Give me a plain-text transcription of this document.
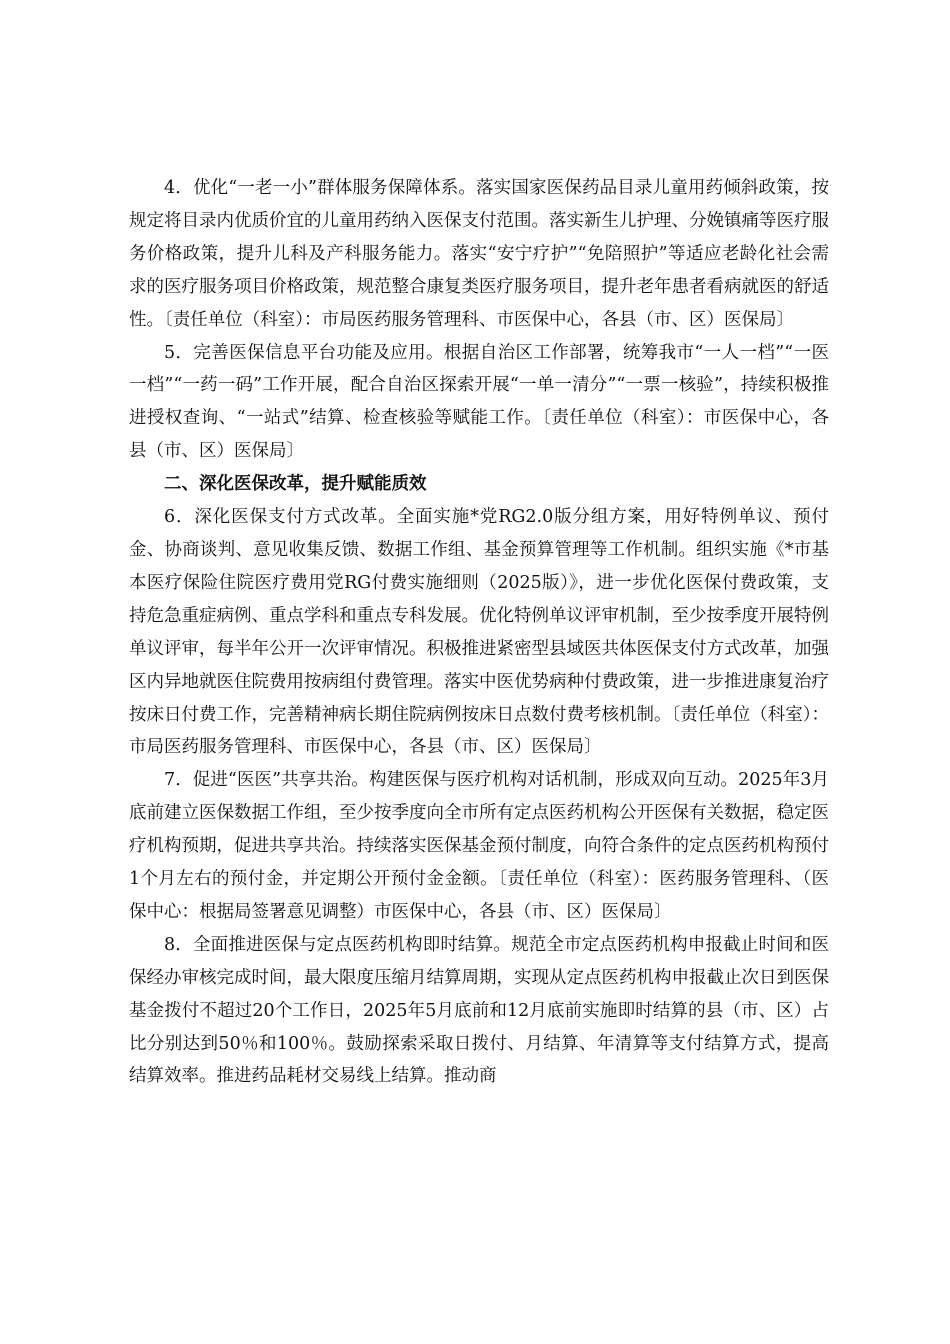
4．优化“一老一小”群体服务保障体系。落实国家医保药品目录儿童用药倾斜政策，按规定将目录内优质价宜的儿童用药纳入医保支付范围。落实新生儿护理、分娩镇痛等医疗服务价格政策，提升儿科及产科服务能力。落实“安宁疗护”“免陪照护”等适应老龄化社会需求的医疗服务项目价格政策，规范整合康复类医疗服务项目，提升老年患者看病就医的舒适性。〔责任单位（科室）：市局医药服务管理科、市医保中心，各县（市、区）医保局〕

5．完善医保信息平台功能及应用。根据自治区工作部署，统筹我市“一人一档”“一医一档”“一药一码”工作开展，配合自治区探索开展“一单一清分”“一票一核验”，持续积极推进授权查询、“一站式”结算、检查核验等赋能工作。〔责任单位（科室）：市医保中心，各县（市、区）医保局〕

二、深化医保改革，提升赋能质效

6．深化医保支付方式改革。全面实施*党RG2.0版分组方案，用好特例单议、预付金、协商谈判、意见收集反馈、数据工作组、基金预算管理等工作机制。组织实施《*市基本医疗保险住院医疗费用党RG付费实施细则（2025版）》，进一步优化医保付费政策，支持危急重症病例、重点学科和重点专科发展。优化特例单议评审机制，至少按季度开展特例单议评审，每半年公开一次评审情况。积极推进紧密型县域医共体医保支付方式改革，加强区内异地就医住院费用按病组付费管理。落实中医优势病种付费政策，进一步推进康复治疗按床日付费工作，完善精神病长期住院病例按床日点数付费考核机制。〔责任单位（科室）：市局医药服务管理科、市医保中心，各县（市、区）医保局〕

7．促进“医医”共享共治。构建医保与医疗机构对话机制，形成双向互动。2025年3月底前建立医保数据工作组，至少按季度向全市所有定点医药机构公开医保有关数据，稳定医疗机构预期，促进共享共治。持续落实医保基金预付制度，向符合条件的定点医药机构预付1个月左右的预付金，并定期公开预付金金额。〔责任单位（科室）：医药服务管理科、（医保中心：根据局签署意见调整）市医保中心，各县（市、区）医保局〕

8．全面推进医保与定点医药机构即时结算。规范全市定点医药机构申报截止时间和医保经办审核完成时间，最大限度压缩月结算周期，实现从定点医药机构申报截止次日到医保基金拨付不超过20个工作日，2025年5月底前和12月底前实施即时结算的县（市、区）占比分别达到50％和100％。鼓励探索采取日拨付、月结算、年清算等支付结算方式，提高结算效率。推进药品耗材交易线上结算。推动商
